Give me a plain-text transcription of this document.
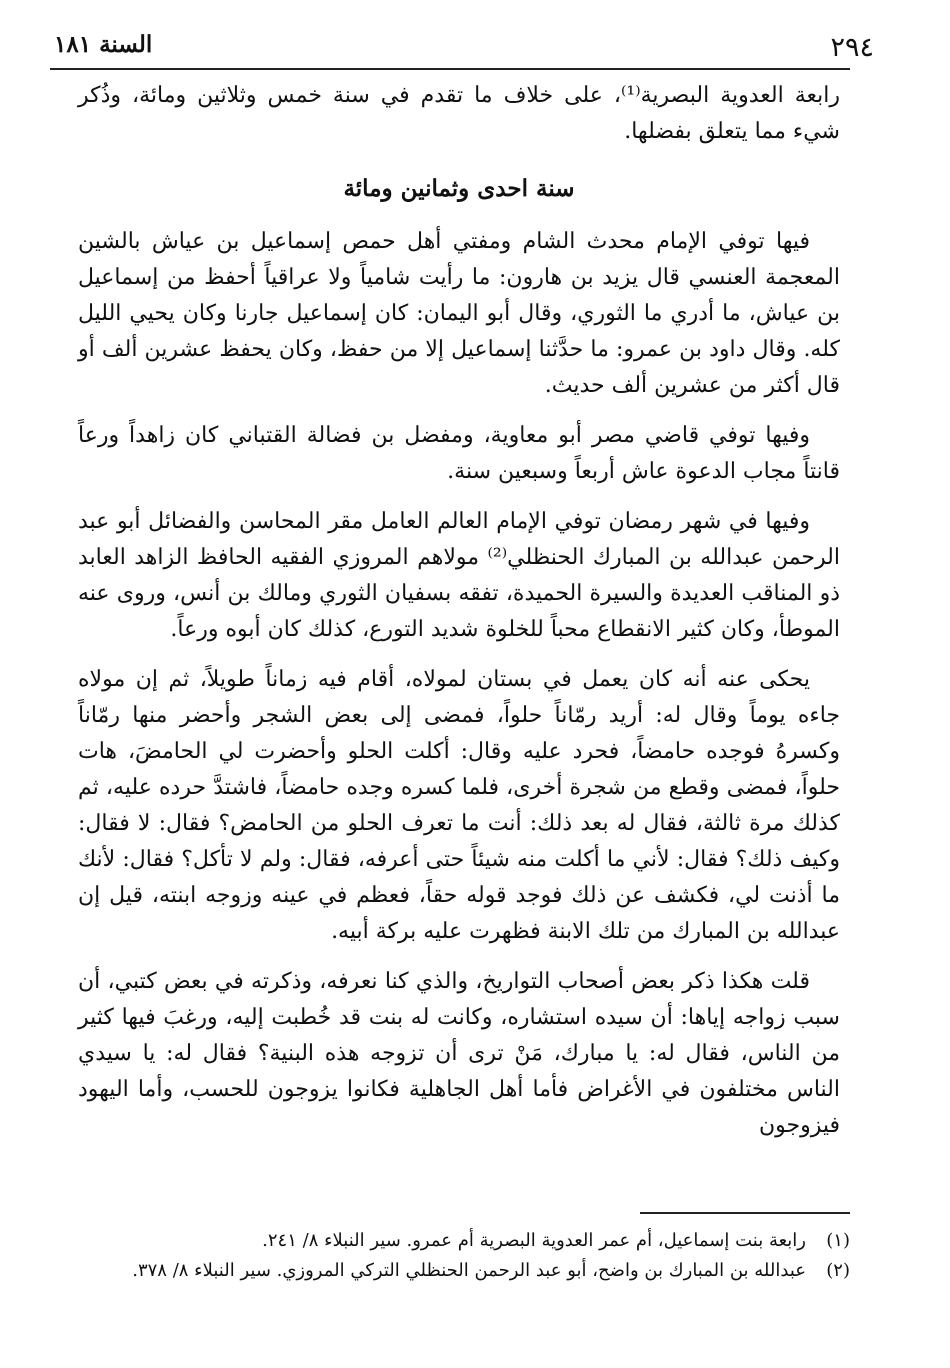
٢٩٤
السنة ١٨١

رابعة العدوية البصرية⁽¹⁾، على خلاف ما تقدم في سنة خمس وثلاثين ومائة، وذُكر شيء مما يتعلق بفضلها.

سنة احدى وثمانين ومائة

فيها توفي الإمام محدث الشام ومفتي أهل حمص إسماعيل بن عياش بالشين المعجمة العنسي قال يزيد بن هارون: ما رأيت شامياً ولا عراقياً أحفظ من إسماعيل بن عياش، ما أدري ما الثوري، وقال أبو اليمان: كان إسماعيل جارنا وكان يحيي الليل كله. وقال داود بن عمرو: ما حدَّثنا إسماعيل إلا من حفظ، وكان يحفظ عشرين ألف أو قال أكثر من عشرين ألف حديث.

وفيها توفي قاضي مصر أبو معاوية، ومفضل بن فضالة القتباني كان زاهداً ورعاً قانتاً مجاب الدعوة عاش أربعاً وسبعين سنة.

وفيها في شهر رمضان توفي الإمام العالم العامل مقر المحاسن والفضائل أبو عبد الرحمن عبدالله بن المبارك الحنظلي⁽²⁾ مولاهم المروزي الفقيه الحافظ الزاهد العابد ذو المناقب العديدة والسيرة الحميدة، تفقه بسفيان الثوري ومالك بن أنس، وروى عنه الموطأ، وكان كثير الانقطاع محباً للخلوة شديد التورع، كذلك كان أبوه ورعاً.

يحكى عنه أنه كان يعمل في بستان لمولاه، أقام فيه زماناً طويلاً، ثم إن مولاه جاءه يوماً وقال له: أريد رمّاناً حلواً، فمضى إلى بعض الشجر وأحضر منها رمّاناً وكسرهُ فوجده حامضاً، فحرد عليه وقال: أكلت الحلو وأحضرت لي الحامضَ، هات حلواً، فمضى وقطع من شجرة أخرى، فلما كسره وجده حامضاً، فاشتدَّ حرده عليه، ثم كذلك مرة ثالثة، فقال له بعد ذلك: أنت ما تعرف الحلو من الحامض؟ فقال: لا فقال: وكيف ذلك؟ فقال: لأني ما أكلت منه شيئاً حتى أعرفه، فقال: ولم لا تأكل؟ فقال: لأنك ما أذنت لي، فكشف عن ذلك فوجد قوله حقاً، فعظم في عينه وزوجه ابنته، قيل إن عبدالله بن المبارك من تلك الابنة فظهرت عليه بركة أبيه.

قلت هكذا ذكر بعض أصحاب التواريخ، والذي كنا نعرفه، وذكرته في بعض كتبي، أن سبب زواجه إياها: أن سيده استشاره، وكانت له بنت قد خُطبت إليه، ورغبَ فيها كثير من الناس، فقال له: يا مبارك، مَنْ ترى أن تزوجه هذه البنية؟ فقال له: يا سيدي الناس مختلفون في الأغراض فأما أهل الجاهلية فكانوا يزوجون للحسب، وأما اليهود فيزوجون

(١)
رابعة بنت إسماعيل، أم عمر العدوية البصرية أم عمرو. سير النبلاء ٨/ ٢٤١.
(٢)
عبدالله بن المبارك بن واضح، أبو عبد الرحمن الحنظلي التركي المروزي. سير النبلاء ٨/ ٣٧٨.
